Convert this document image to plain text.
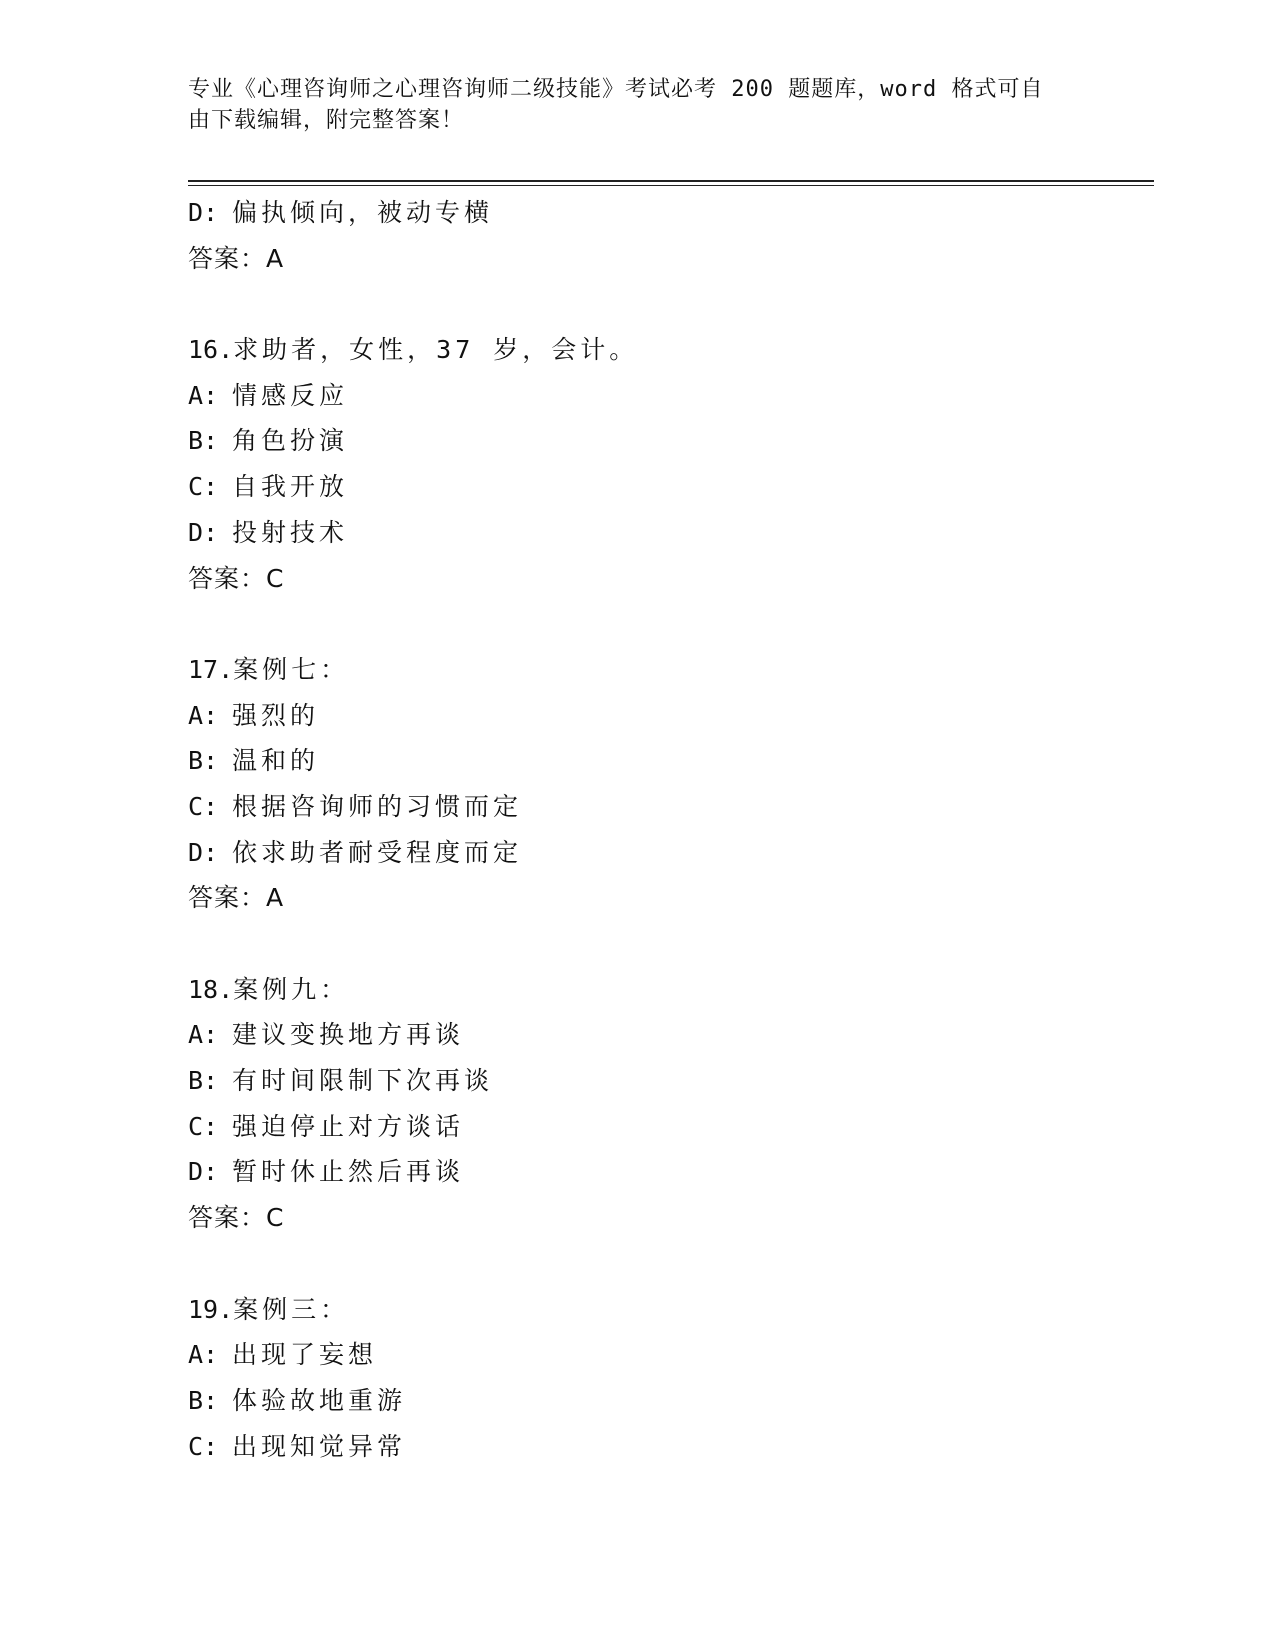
专业《心理咨询师之心理咨询师二级技能》考试必考 200 题题库，word 格式可自
由下载编辑，附完整答案！
D: 偏执倾向，被动专横
答案：A
16.求助者，女性，37 岁，会计。
A: 情感反应
B: 角色扮演
C: 自我开放
D: 投射技术
答案：C
17.案例七：
A: 强烈的
B: 温和的
C: 根据咨询师的习惯而定
D: 依求助者耐受程度而定
答案：A
18.案例九：
A: 建议变换地方再谈
B: 有时间限制下次再谈
C: 强迫停止对方谈话
D: 暂时休止然后再谈
答案：C
19.案例三：
A: 出现了妄想
B: 体验故地重游
C: 出现知觉异常
